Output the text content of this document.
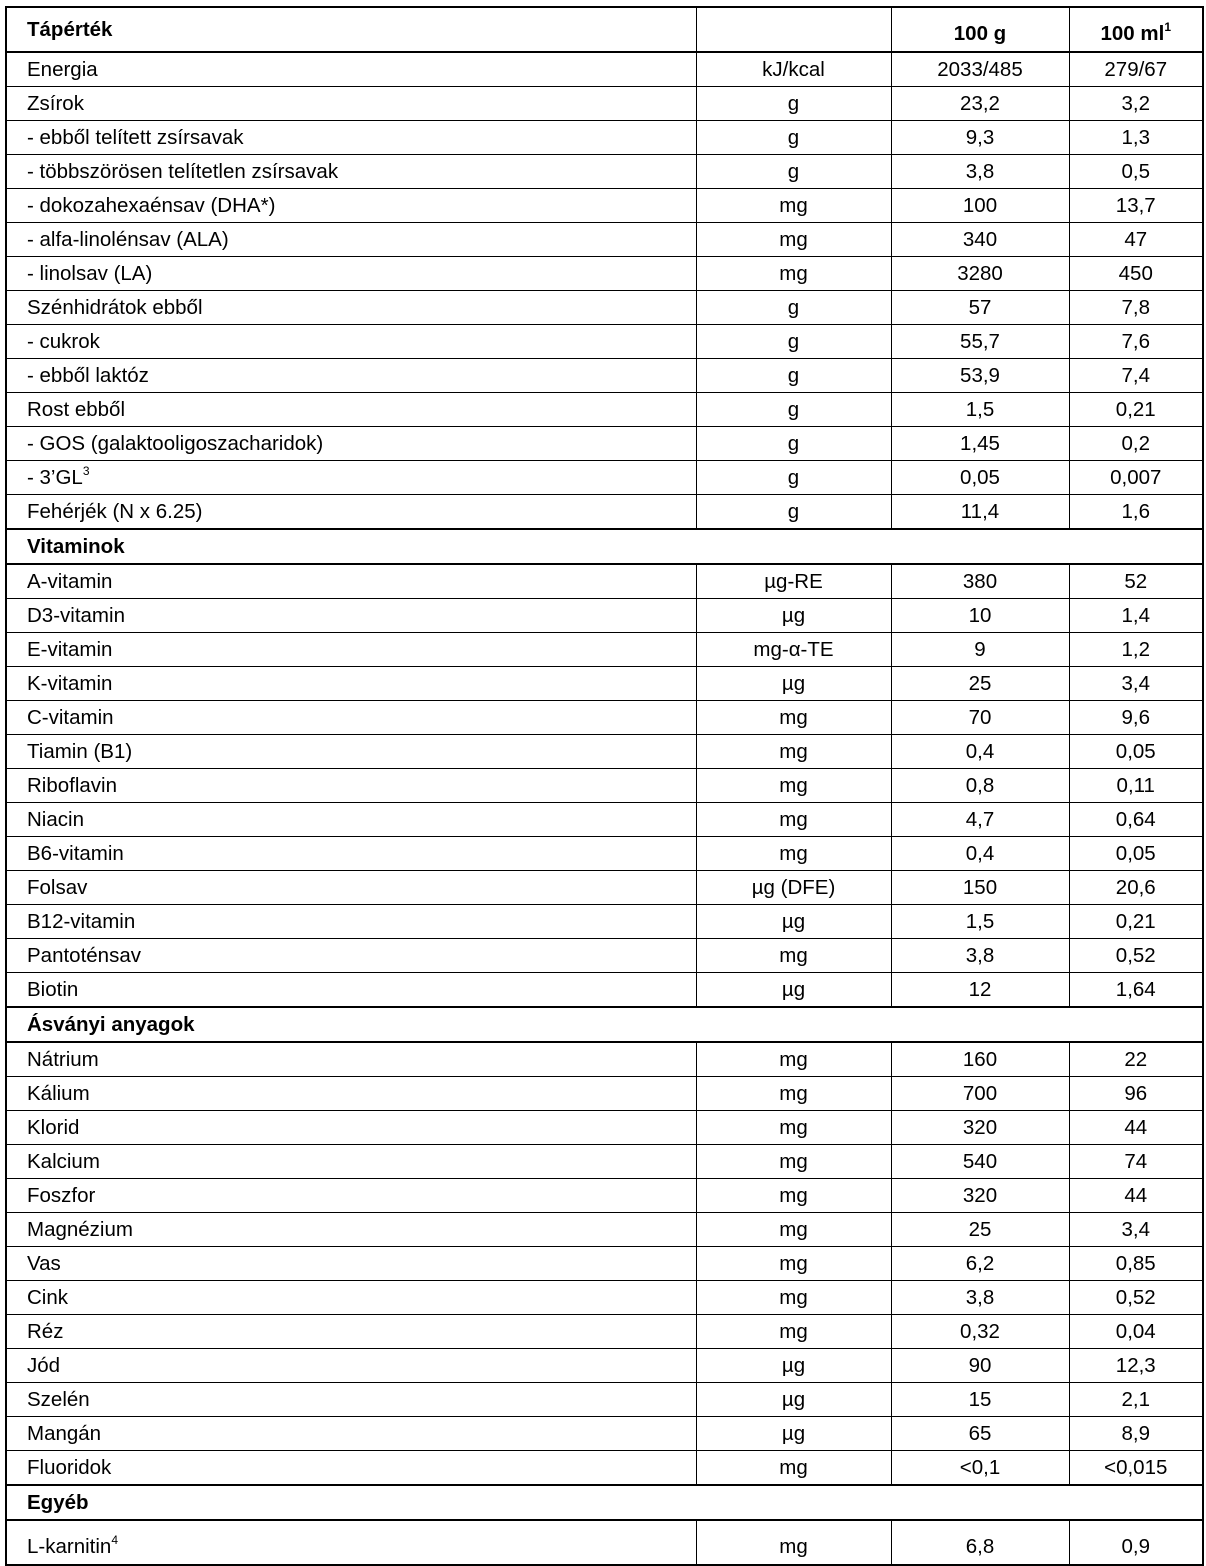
Tápérték		100 g	100 $ml^1$
Energia	kJ/kcal	2033/485	279/67
Zsírok	g	23,2	3,2
- ebből telített zsírsavak	g	9,3	1,3
- többszörösen telítetlen zsírsavak	g	3,8	0,5
- dokozahexaénsav (DHA*)	mg	100	13,7
- alfa-linolénsav (ALA)	mg	340	47
- linolsav (LA)	mg	3280	450
Szénhidrátok ebből	g	57	7,8
- cukrok	g	55,7	7,6
- ebből laktóz	g	53,9	7,4
Rost ebből	g	1,5	0,21
- GOS (galaktooligoszacharidok)	g	1,45	0,2
- $3’GL^3$	g	0,05	0,007
Fehérjék (N x 6.25)	g	11,4	1,6
Vitaminok			
A-vitamin	µg-RE	380	52
D3-vitamin	µg	10	1,4
E-vitamin	mg-α-TE	9	1,2
K-vitamin	µg	25	3,4
C-vitamin	mg	70	9,6
Tiamin (B1)	mg	0,4	0,05
Riboflavin	mg	0,8	0,11
Niacin	mg	4,7	0,64
B6-vitamin	mg	0,4	0,05
Folsav	µg (DFE)	150	20,6
B12-vitamin	µg	1,5	0,21
Pantoténsav	mg	3,8	0,52
Biotin	µg	12	1,64
Ásványi anyagok			
Nátrium	mg	160	22
Kálium	mg	700	96
Klorid	mg	320	44
Kalcium	mg	540	74
Foszfor	mg	320	44
Magnézium	mg	25	3,4
Vas	mg	6,2	0,85
Cink	mg	3,8	0,52
Réz	mg	0,32	0,04
Jód	µg	90	12,3
Szelén	µg	15	2,1
Mangán	µg	65	8,9
Fluoridok	mg	<0,1	<0,015
Egyéb			
L-karnitin$^4$	mg	6,8	0,9
